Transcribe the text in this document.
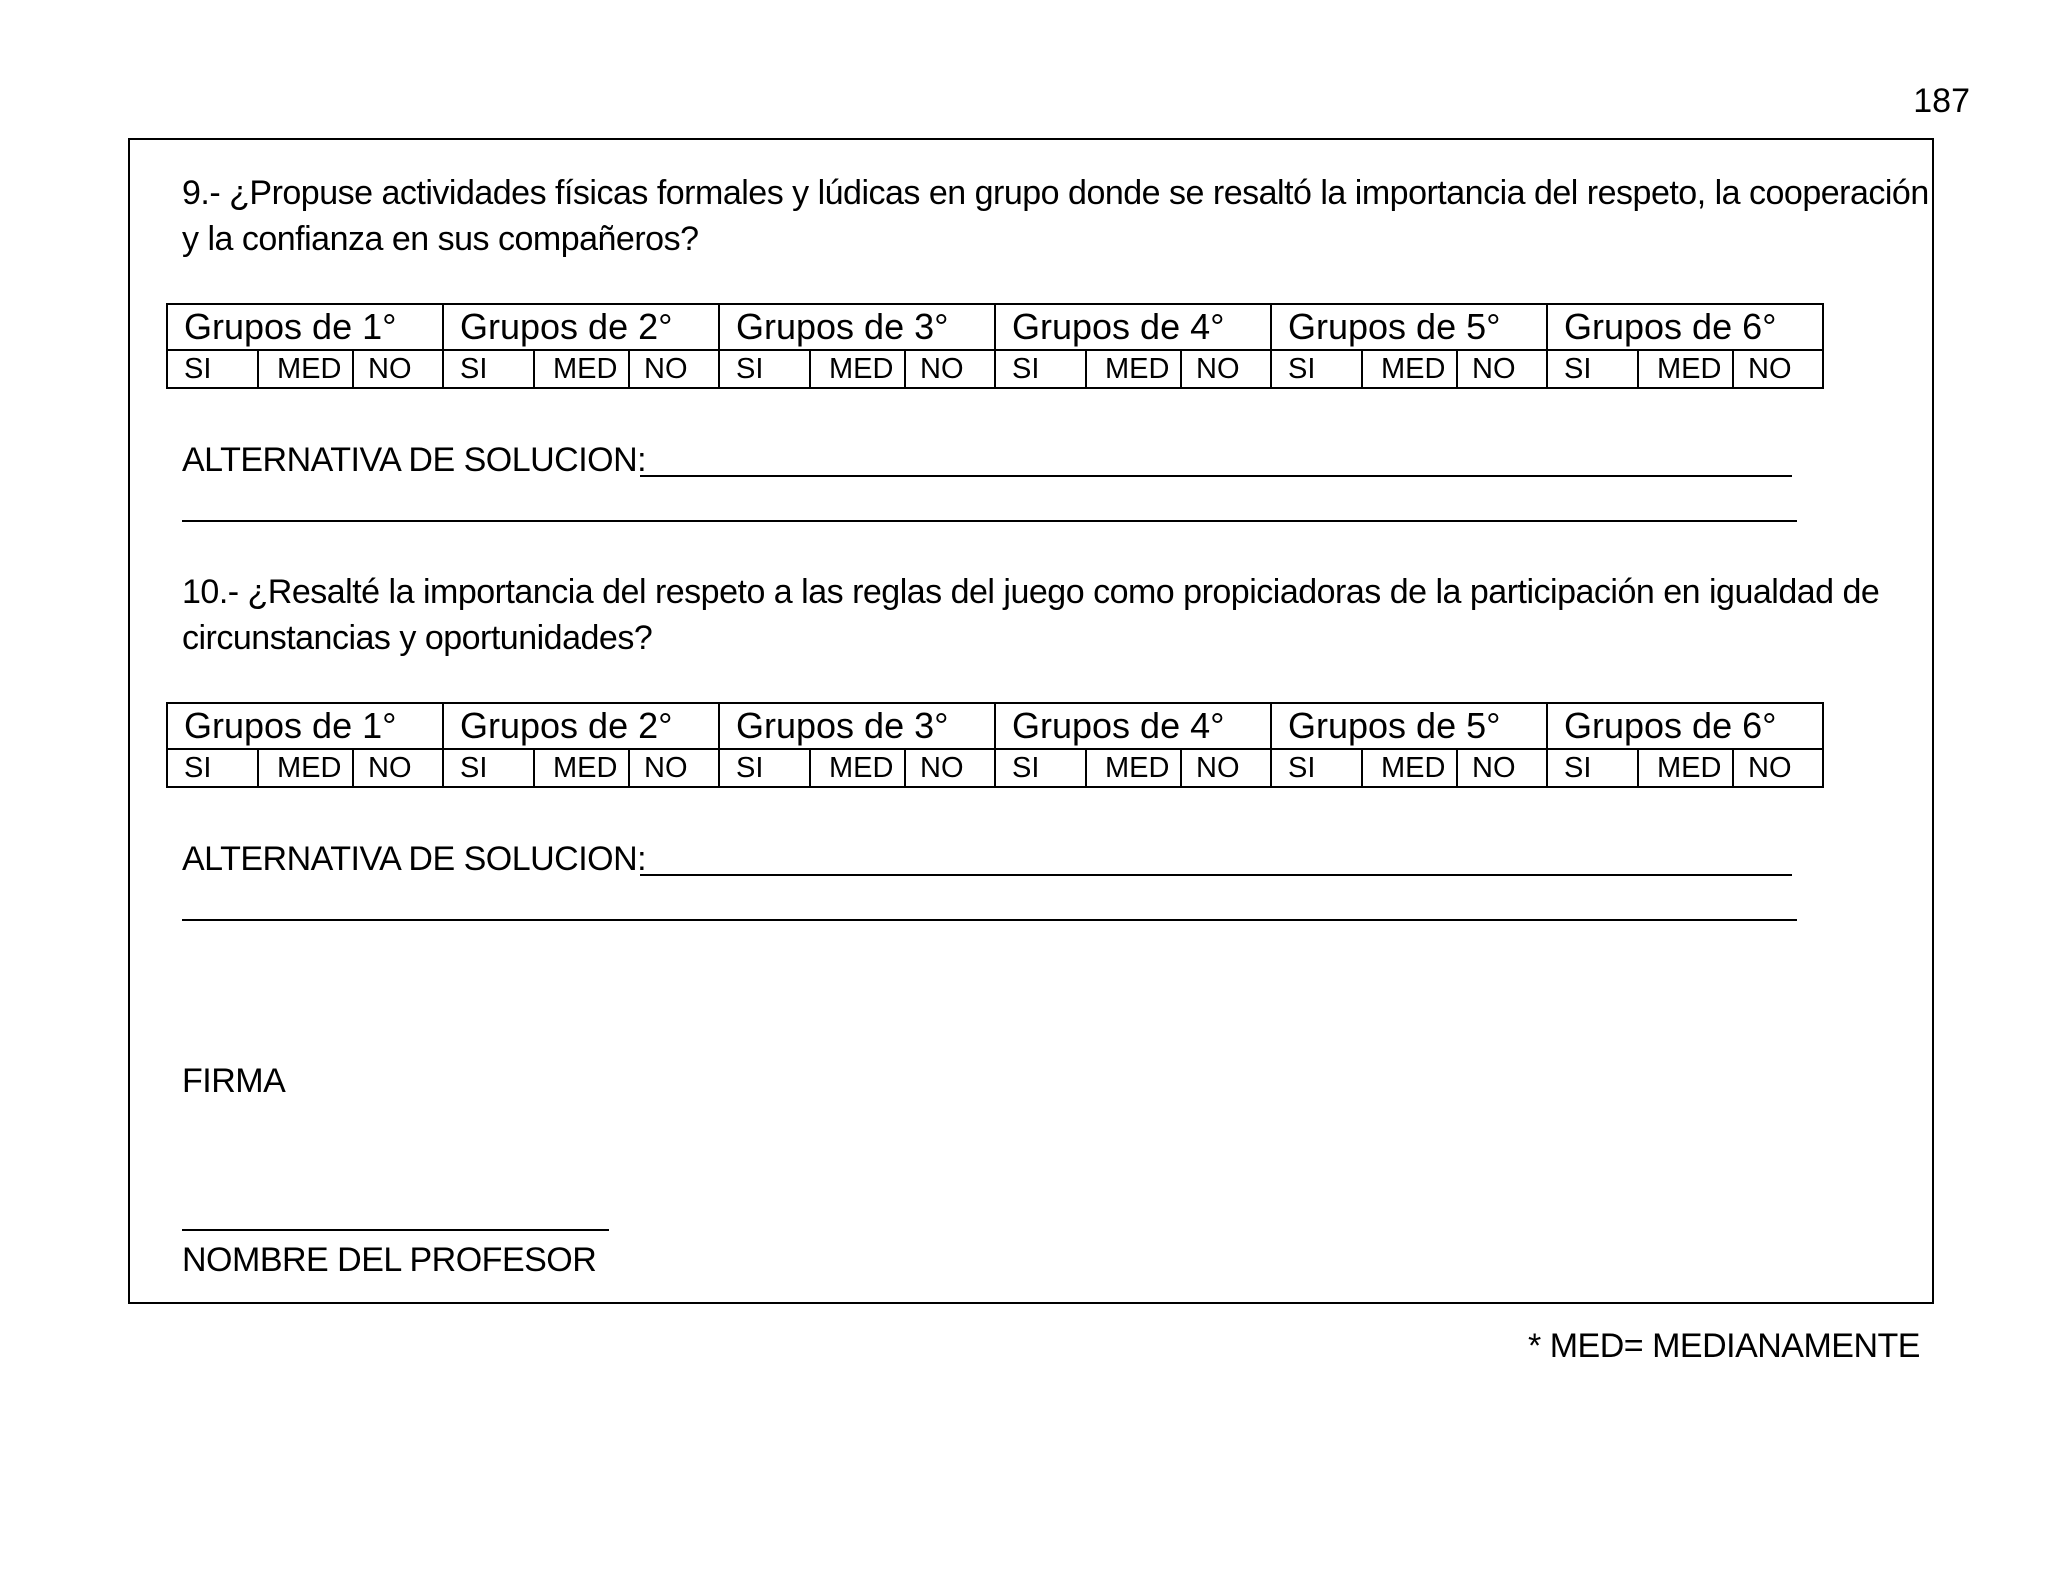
187
9.- ¿Propuse actividades físicas formales y lúdicas en grupo donde se resaltó la importancia del respeto, la cooperación y la confianza en sus compañeros?
Grupos de 1°			Grupos de 2°			Grupos de 3°			Grupos de 4°			Grupos de 5°			Grupos de 6°		
SI	MED	NO	SI	MED	NO	SI	MED	NO	SI	MED	NO	SI	MED	NO	SI	MED	NO
ALTERNATIVA DE SOLUCION:
10.- ¿Resalté la importancia del respeto a las reglas del juego como propiciadoras de la participación en igualdad de circunstancias y oportunidades?
Grupos de 1°			Grupos de 2°			Grupos de 3°			Grupos de 4°			Grupos de 5°			Grupos de 6°		
SI	MED	NO	SI	MED	NO	SI	MED	NO	SI	MED	NO	SI	MED	NO	SI	MED	NO
ALTERNATIVA DE SOLUCION:
FIRMA
NOMBRE DEL PROFESOR
* MED= MEDIANAMENTE
